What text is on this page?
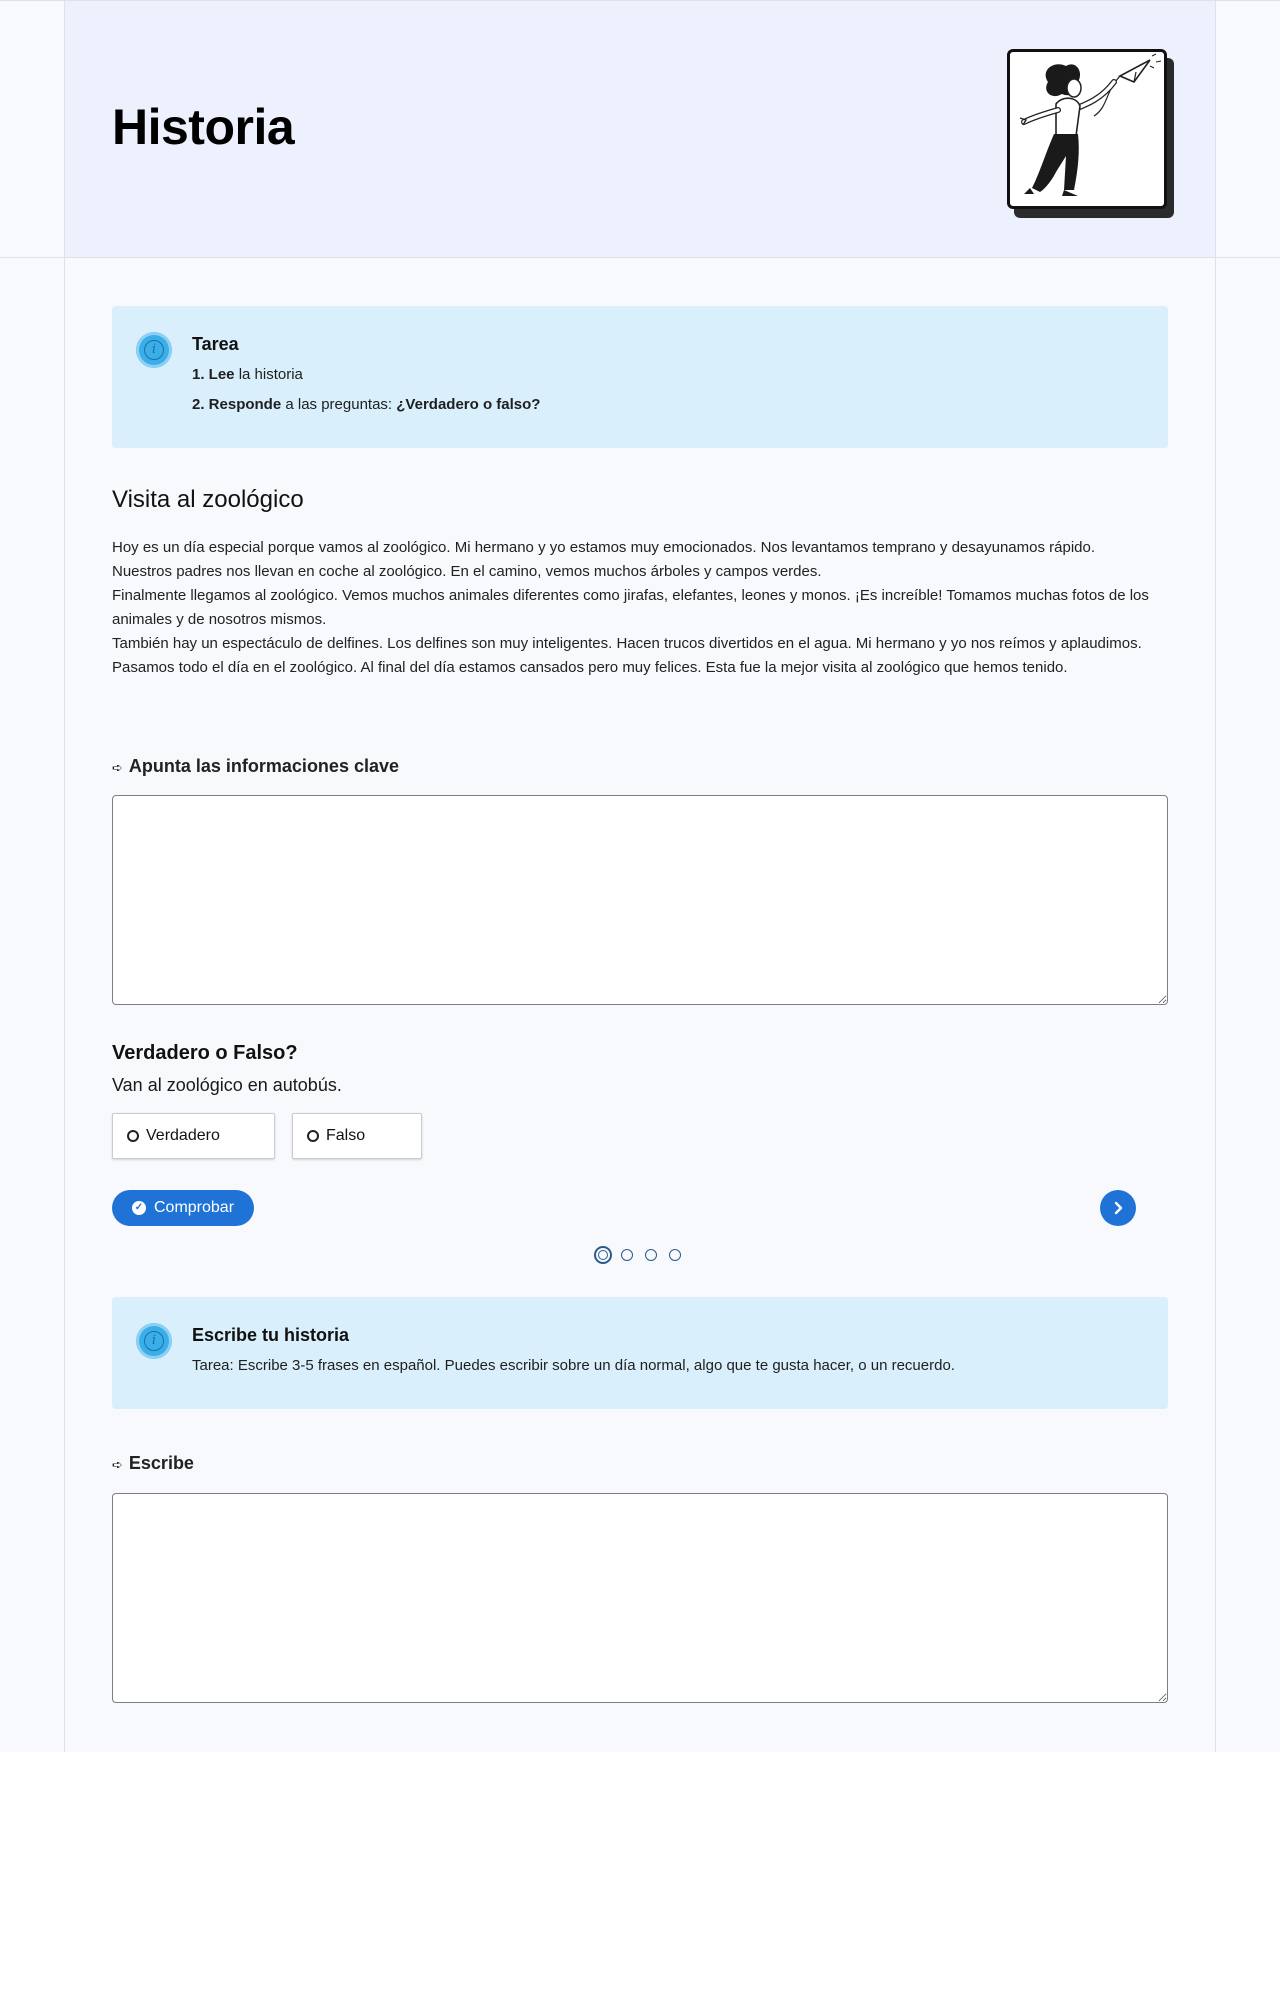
Historia
i	Tarea
1. Lee la historia
2. Responde a las preguntas: ¿Verdadero o falso?
Visita al zoológico

Hoy es un día especial porque vamos al zoológico. Mi hermano y yo estamos muy emocionados. Nos levantamos temprano y desayunamos rápido.

Nuestros padres nos llevan en coche al zoológico. En el camino, vemos muchos árboles y campos verdes.

Finalmente llegamos al zoológico. Vemos muchos animales diferentes como jirafas, elefantes, leones y monos. ¡Es increíble! Tomamos muchas fotos de los animales y de nosotros mismos.

También hay un espectáculo de delfines. Los delfines son muy inteligentes. Hacen trucos divertidos en el agua. Mi hermano y yo nos reímos y aplaudimos.

Pasamos todo el día en el zoológico. Al final del día estamos cansados pero muy felices. Esta fue la mejor visita al zoológico que hemos tenido.

➪ Apunta las informaciones clave
Verdadero o Falso?
Van al zoológico en autobús.
Verdadero	Falso
✓ Comprobar
i	Escribe tu historia
Tarea: Escribe 3-5 frases en español. Puedes escribir sobre un día normal, algo que te gusta hacer, o un recuerdo.
➪ Escribe
